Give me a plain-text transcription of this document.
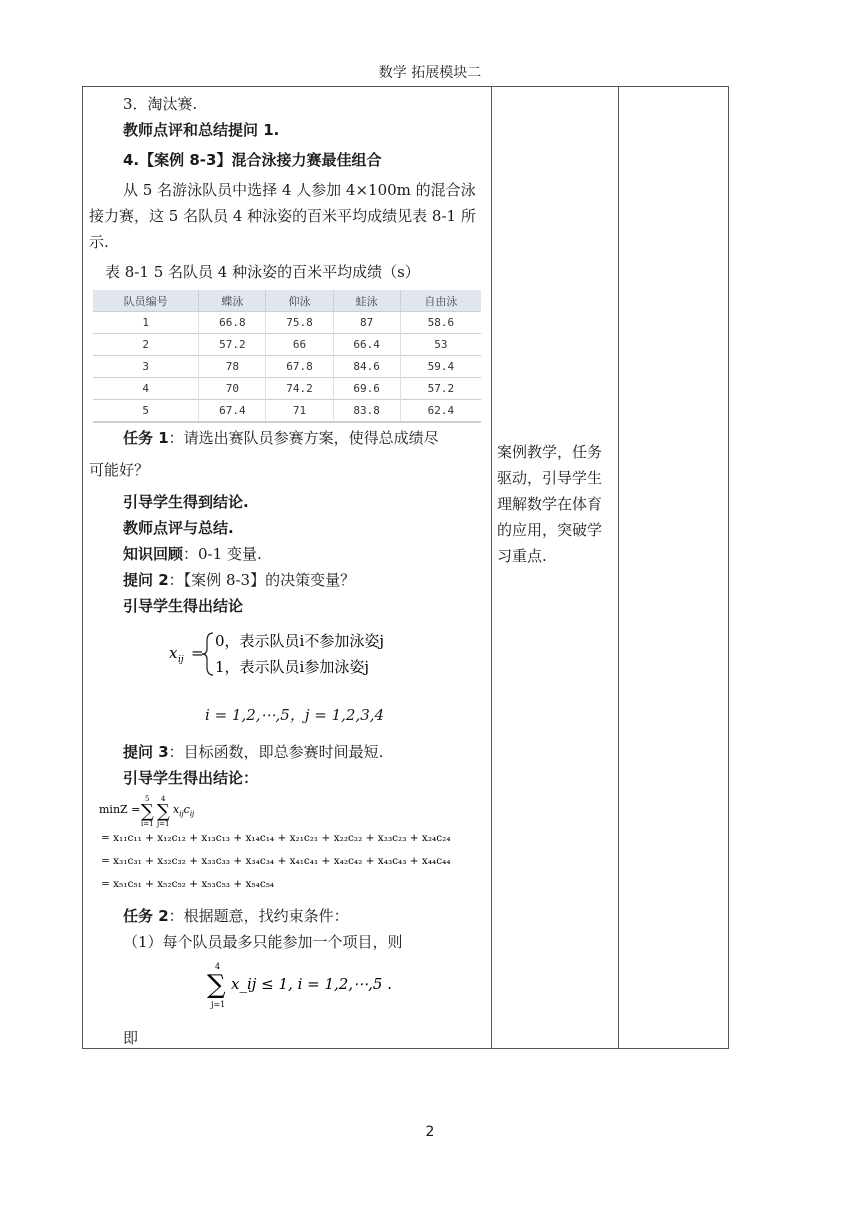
数学 拓展模块二
3．淘汰赛.
教师点评和总结提问 1.
4.【案例 8-3】混合泳接力赛最佳组合
从 5 名游泳队员中选择 4 人参加 4×100m 的混合泳接力赛，这 5 名队员 4 种泳姿的百米平均成绩见表 8-1 所示.
表 8-1 5 名队员 4 种泳姿的百米平均成绩（s）
队员编号	蝶泳	仰泳	蛙泳	自由泳
1	66.8	75.8	87	58.6
2	57.2	66	66.4	53
3	78	67.8	84.6	59.4
4	70	74.2	69.6	57.2
5	67.4	71	83.8	62.4
任务 1：请选出赛队员参赛方案，使得总成绩尽
可能好？
引导学生得到结论.
教师点评与总结.
知识回顾：0-1 变量.
提问 2：【案例 8-3】的决策变量？
引导学生得出结论
x ij =
0，表示队员i不参加泳姿j
1，表示队员i参加泳姿j
i = 1,2,⋯,5，j = 1,2,3,4
提问 3：目标函数，即总参赛时间最短.
引导学生得出结论：
minZ = ∑
5
i=1
∑
4
j=1
$x_{ij}c_{ij}$
= x₁₁c₁₁ + x₁₂c₁₂ + x₁₃c₁₃ + x₁₄c₁₄ + x₂₁c₂₁ + x₂₂c₂₂ + x₂₃c₂₃ + x₂₄c₂₄
= x₃₁c₃₁ + x₃₂c₃₂ + x₃₃c₃₃ + x₃₄c₃₄ + x₄₁c₄₁ + x₄₂c₄₂ + x₄₃c₄₃ + x₄₄c₄₄
= x₅₁c₅₁ + x₅₂c₅₂ + x₅₃c₅₃ + x₅₄c₅₄
任务 2：根据题意，找约束条件：
（1）每个队员最多只能参加一个项目，则
∑
4
j=1
x_ij ≤ 1, i = 1,2,⋯,5 .
即
案例教学，任务驱动，引导学生理解数学在体育的应用，突破学习重点.
2
